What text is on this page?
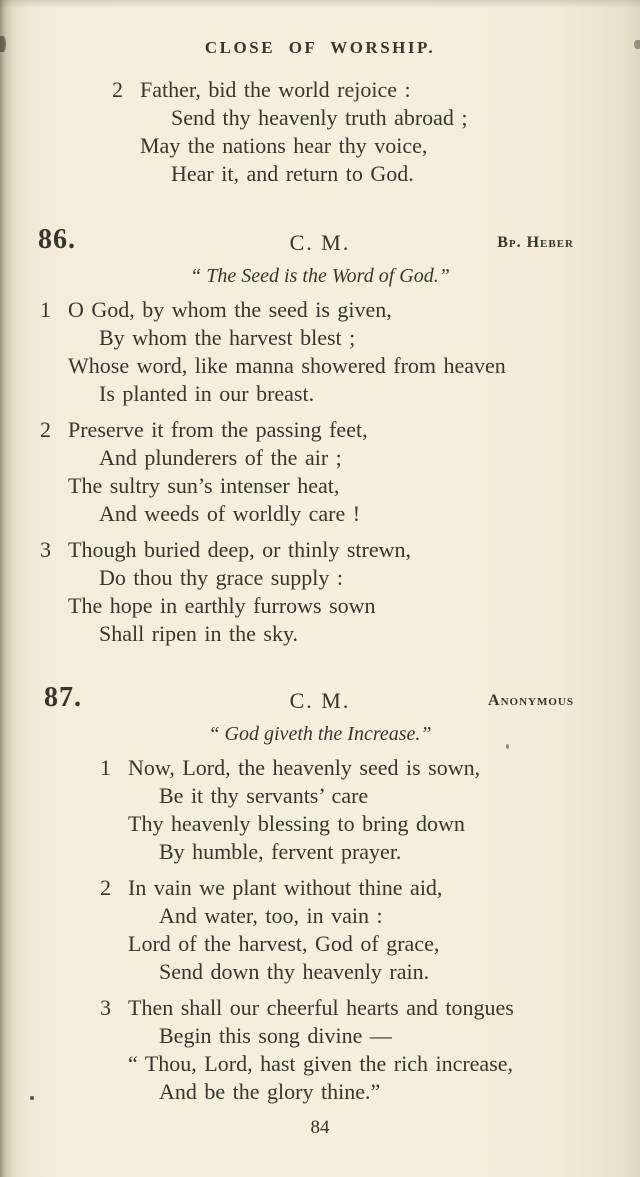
CLOSE OF WORSHIP.
2 Father, bid the world rejoice :
Send thy heavenly truth abroad ;
May the nations hear thy voice,
Hear it, and return to God.
86.	C. M.	Bp. Heber
“ The Seed is the Word of God.”
1 O God, by whom the seed is given,
By whom the harvest blest ;
Whose word, like manna showered from heaven
Is planted in our breast.
2 Preserve it from the passing feet,
And plunderers of the air ;
The sultry sun’s intenser heat,
And weeds of worldly care !
3 Though buried deep, or thinly strewn,
Do thou thy grace supply :
The hope in earthly furrows sown
Shall ripen in the sky.
87.	C. M.	Anonymous
“ God giveth the Increase.”
1 Now, Lord, the heavenly seed is sown,
Be it thy servants’ care
Thy heavenly blessing to bring down
By humble, fervent prayer.
2 In vain we plant without thine aid,
And water, too, in vain :
Lord of the harvest, God of grace,
Send down thy heavenly rain.
3 Then shall our cheerful hearts and tongues
Begin this song divine —
“ Thou, Lord, hast given the rich increase,
And be the glory thine.”
84
